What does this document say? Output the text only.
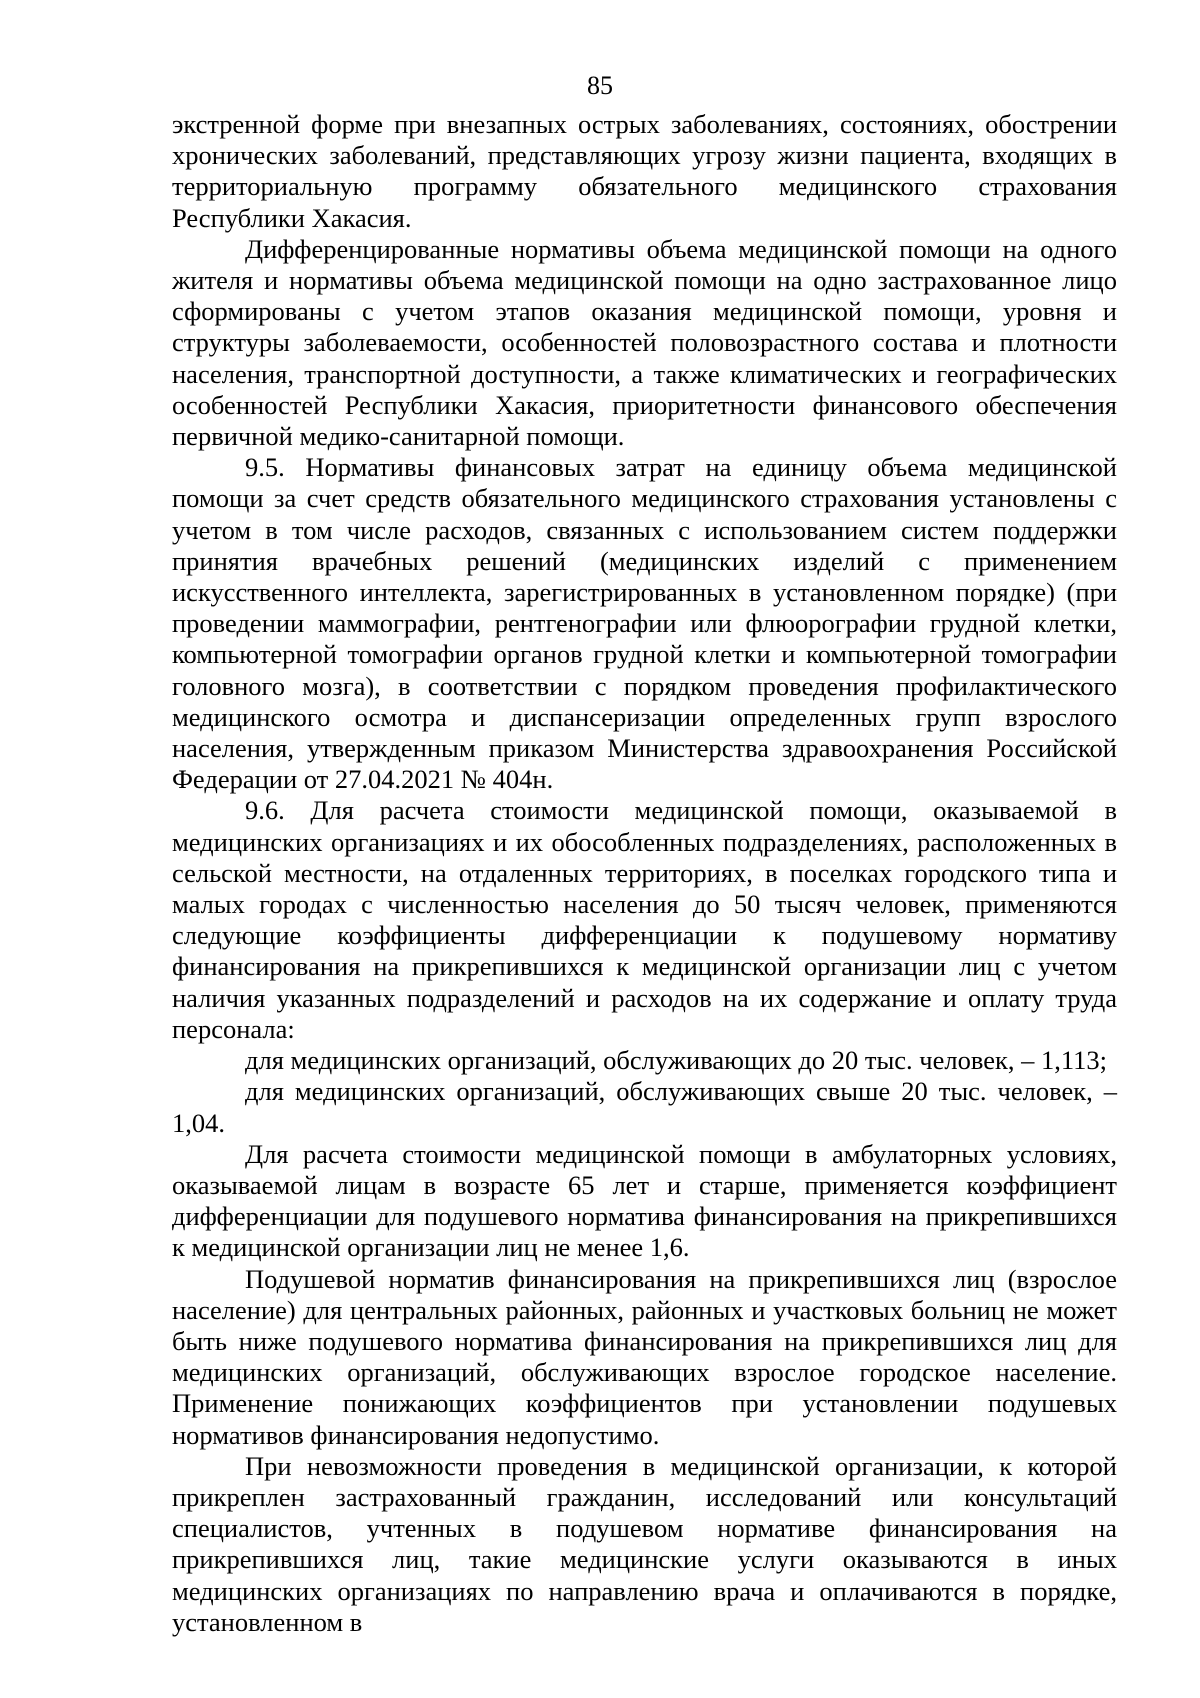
85

экстренной форме при внезапных острых заболеваниях, состояниях, обострении хронических заболеваний, представляющих угрозу жизни пациента, входящих в территориальную программу обязательного медицинского страхования Республики Хакасия.

Дифференцированные нормативы объема медицинской помощи на одного жителя и нормативы объема медицинской помощи на одно застрахованное лицо сформированы с учетом этапов оказания медицинской помощи, уровня и структуры заболеваемости, особенностей половозрастного состава и плотности населения, транспортной доступности, а также климатических и географических особенностей Республики Хакасия, приоритетности финансового обеспечения первичной медико-санитарной помощи.

9.5. Нормативы финансовых затрат на единицу объема медицинской помощи за счет средств обязательного медицинского страхования установлены с учетом в том числе расходов, связанных с использованием систем поддержки принятия врачебных решений (медицинских изделий с применением искусственного интеллекта, зарегистрированных в установленном порядке) (при проведении маммографии, рентгенографии или флюорографии грудной клетки, компьютерной томографии органов грудной клетки и компьютерной томографии головного мозга), в соответствии с порядком проведения профилактического медицинского осмотра и диспансеризации определенных групп взрослого населения, утвержденным приказом Министерства здравоохранения Российской Федерации от 27.04.2021 № 404н.

9.6. Для расчета стоимости медицинской помощи, оказываемой в медицинских организациях и их обособленных подразделениях, расположенных в сельской местности, на отдаленных территориях, в поселках городского типа и малых городах с численностью населения до 50 тысяч человек, применяются следующие коэффициенты дифференциации к подушевому нормативу финансирования на прикрепившихся к медицинской организации лиц с учетом наличия указанных подразделений и расходов на их содержание и оплату труда персонала:

для медицинских организаций, обслуживающих до 20 тыс. человек, – 1,113;

для медицинских организаций, обслуживающих свыше 20 тыс. человек, – 1,04.

Для расчета стоимости медицинской помощи в амбулаторных условиях, оказываемой лицам в возрасте 65 лет и старше, применяется коэффициент дифференциации для подушевого норматива финансирования на прикрепившихся к медицинской организации лиц не менее 1,6.

Подушевой норматив финансирования на прикрепившихся лиц (взрослое население) для центральных районных, районных и участковых больниц не может быть ниже подушевого норматива финансирования на прикрепившихся лиц для медицинских организаций, обслуживающих взрослое городское население. Применение понижающих коэффициентов при установлении подушевых нормативов финансирования недопустимо.

При невозможности проведения в медицинской организации, к которой прикреплен застрахованный гражданин, исследований или консультаций специалистов, учтенных в подушевом нормативе финансирования на прикрепившихся лиц, такие медицинские услуги оказываются в иных медицинских организациях по направлению врача и оплачиваются в порядке, установленном в
